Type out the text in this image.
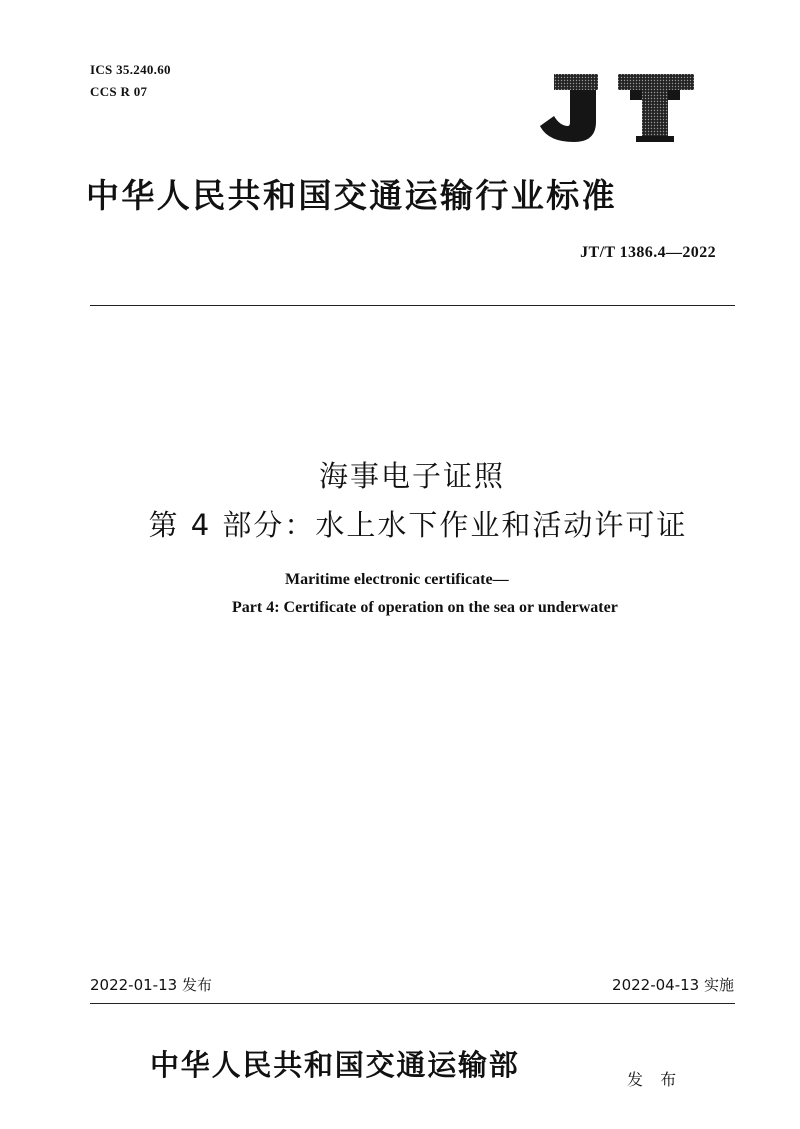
ICS 35.240.60
CCS R 07
中华人民共和国交通运输行业标准
JT/T 1386.4—2022
海事电子证照
第 4 部分：水上水下作业和活动许可证
Maritime electronic certificate—
Part 4: Certificate of operation on the sea or underwater
2022-01-13 发布	2022-04-13 实施
中华人民共和国交通运输部	发 布
